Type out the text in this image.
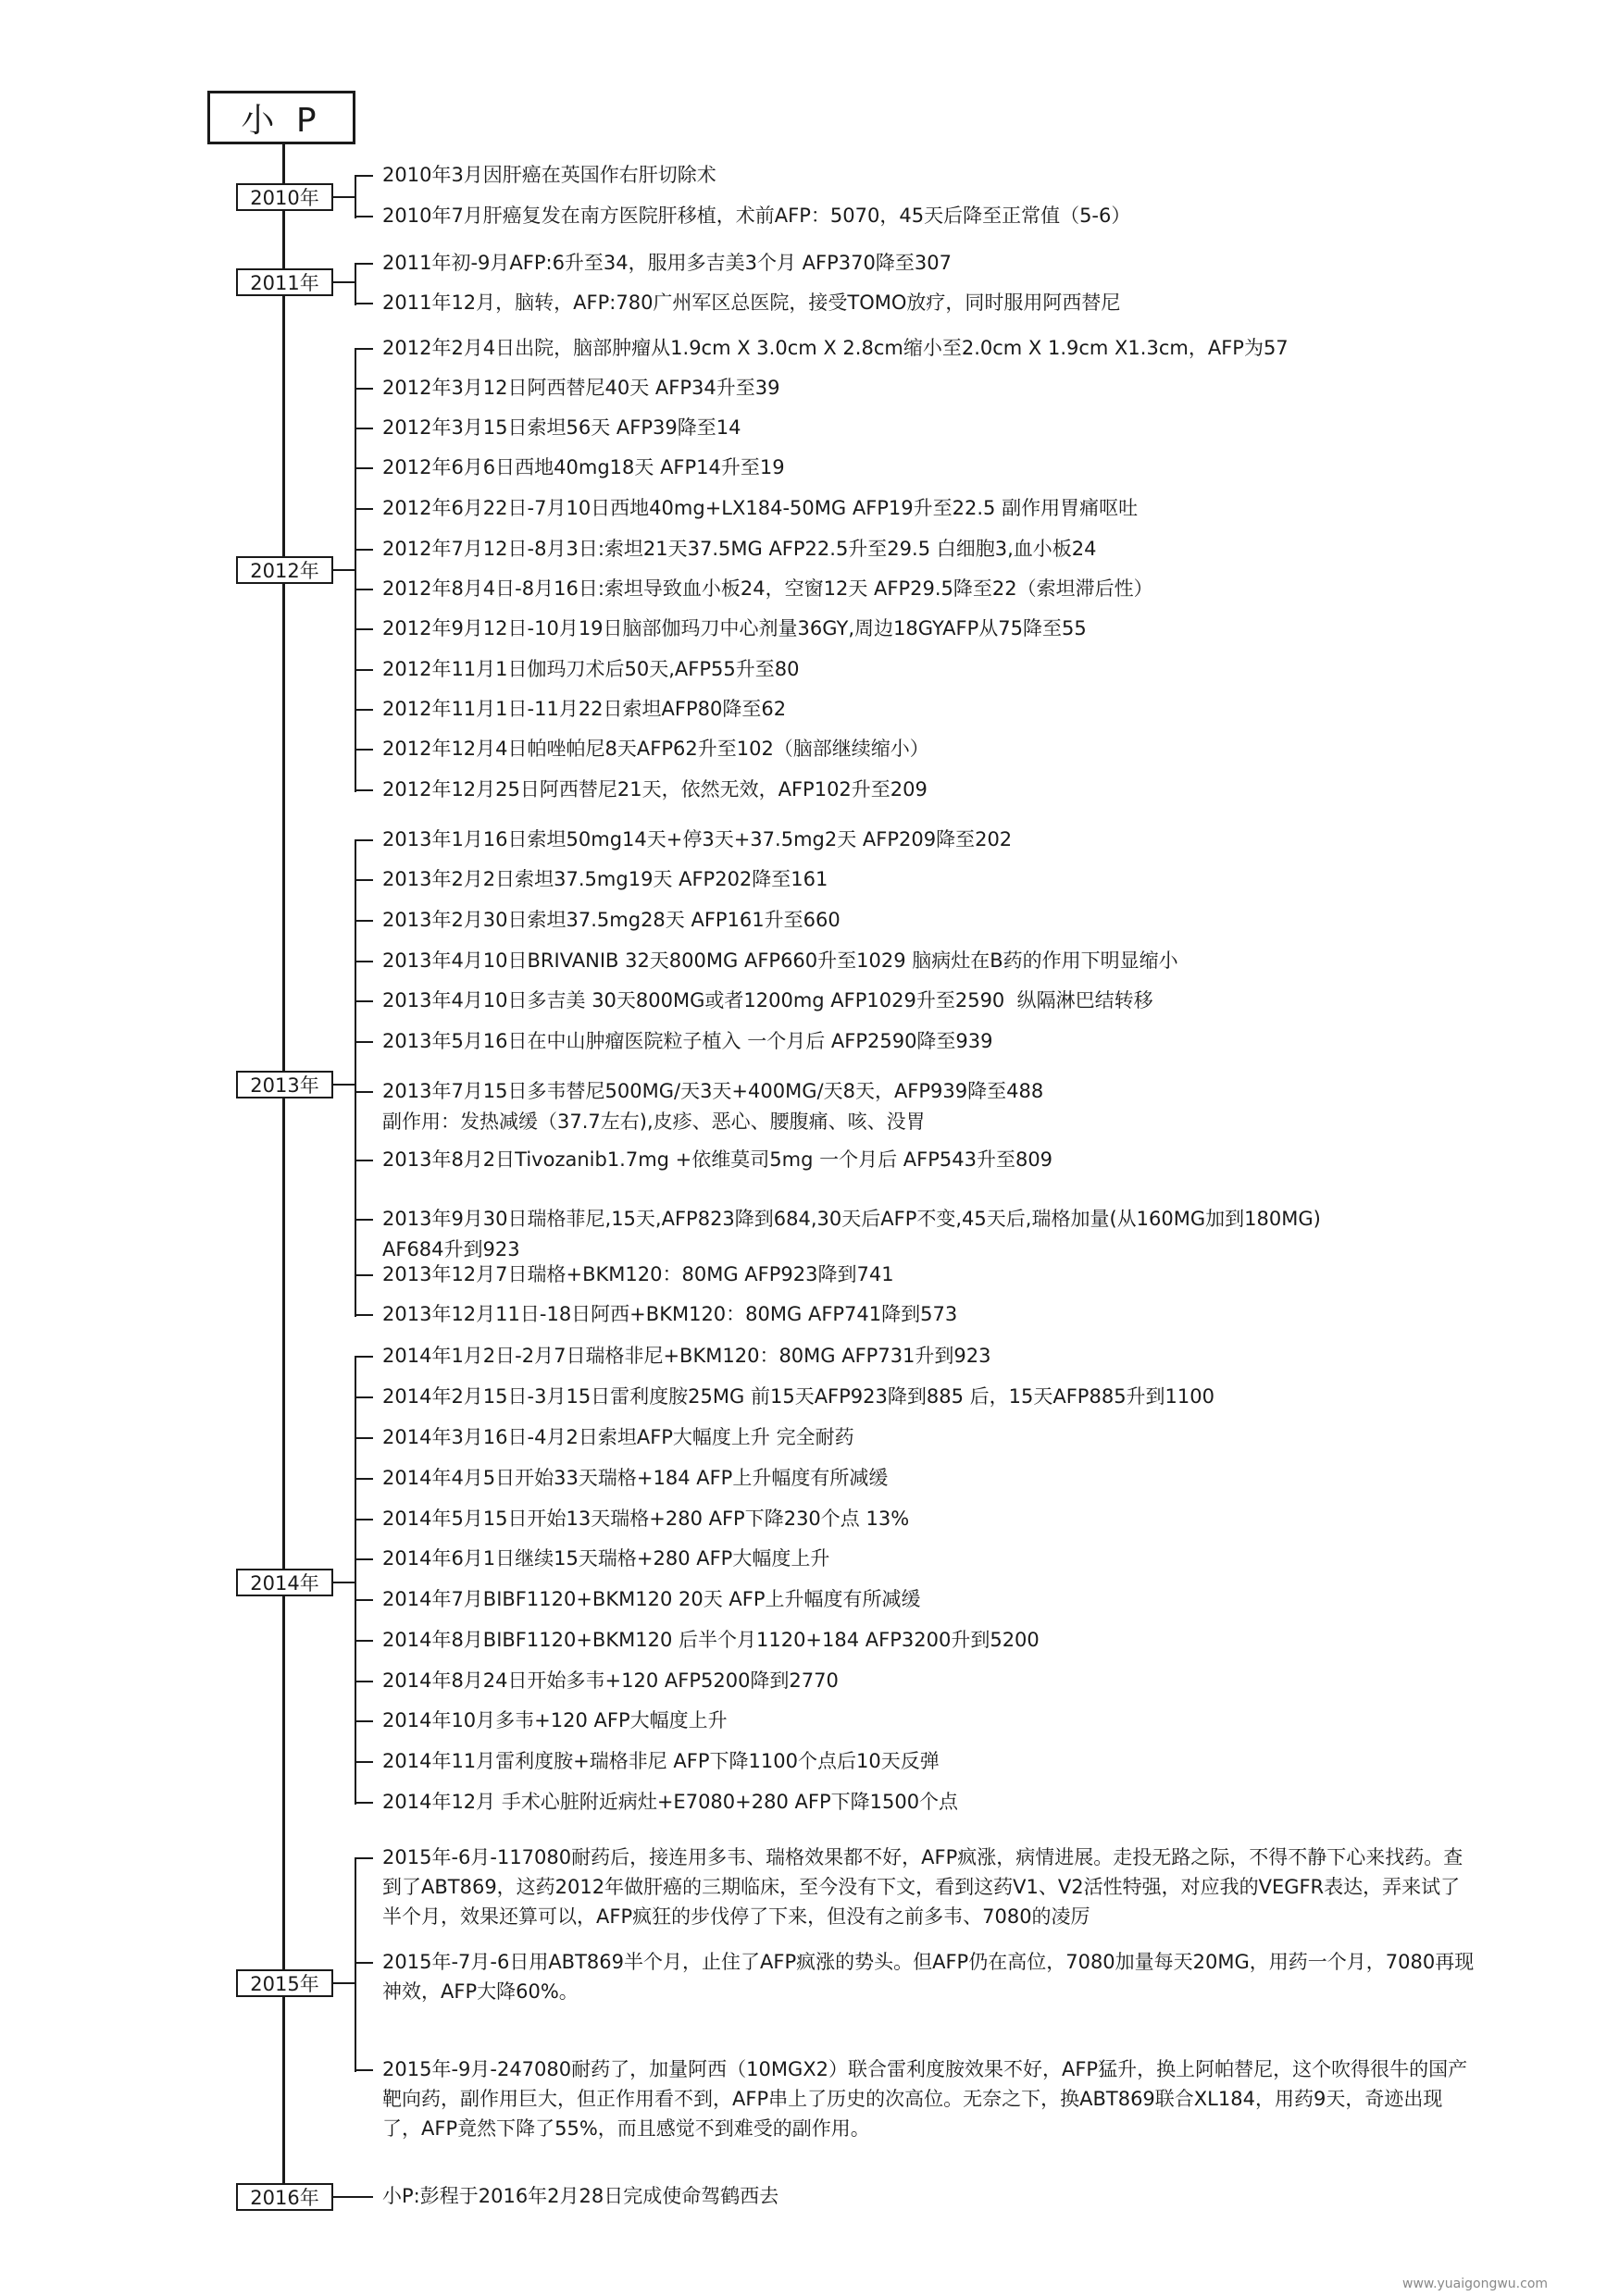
小 P
2010年
2010年3月因肝癌在英国作右肝切除术
2010年7月肝癌复发在南方医院肝移植，术前AFP：5070，45天后降至正常值（5-6）
2011年
2011年初-9月AFP:6升至34，服用多吉美3个月 AFP370降至307
2011年12月，脑转，AFP:780广州军区总医院，接受TOMO放疗，同时服用阿西替尼
2012年
2012年2月4日出院，脑部肿瘤从1.9cm X 3.0cm X 2.8cm缩小至2.0cm X 1.9cm X1.3cm，AFP为57
2012年3月12日阿西替尼40天 AFP34升至39
2012年3月15日索坦56天 AFP39降至14
2012年6月6日西地40mg18天 AFP14升至19
2012年6月22日-7月10日西地40mg+LX184-50MG AFP19升至22.5 副作用胃痛呕吐
2012年7月12日-8月3日:索坦21天37.5MG AFP22.5升至29.5 白细胞3,血小板24
2012年8月4日-8月16日:索坦导致血小板24，空窗12天 AFP29.5降至22（索坦滞后性）
2012年9月12日-10月19日脑部伽玛刀中心剂量36GY,周边18GYAFP从75降至55
2012年11月1日伽玛刀术后50天,AFP55升至80
2012年11月1日-11月22日索坦AFP80降至62
2012年12月4日帕唑帕尼8天AFP62升至102（脑部继续缩小）
2012年12月25日阿西替尼21天，依然无效，AFP102升至209
2013年
2013年1月16日索坦50mg14天+停3天+37.5mg2天 AFP209降至202
2013年2月2日索坦37.5mg19天 AFP202降至161
2013年2月30日索坦37.5mg28天 AFP161升至660
2013年4月10日BRIVANIB 32天800MG AFP660升至1029 脑病灶在B药的作用下明显缩小
2013年4月10日多吉美 30天800MG或者1200mg AFP1029升至2590  纵隔淋巴结转移
2013年5月16日在中山肿瘤医院粒子植入 一个月后 AFP2590降至939
2013年7月15日多韦替尼500MG/天3天+400MG/天8天，AFP939降至488
副作用：发热减缓（37.7左右),皮疹、恶心、腰腹痛、咳、没胃
2013年8月2日Tivozanib1.7mg +依维莫司5mg 一个月后 AFP543升至809
2013年9月30日瑞格菲尼,15天,AFP823降到684,30天后AFP不变,45天后,瑞格加量(从160MG加到180MG)
AF684升到923
2013年12月7日瑞格+BKM120：80MG AFP923降到741
2013年12月11日-18日阿西+BKM120：80MG AFP741降到573
2014年
2014年1月2日-2月7日瑞格非尼+BKM120：80MG AFP731升到923
2014年2月15日-3月15日雷利度胺25MG 前15天AFP923降到885 后，15天AFP885升到1100
2014年3月16日-4月2日索坦AFP大幅度上升 完全耐药
2014年4月5日开始33天瑞格+184 AFP上升幅度有所减缓
2014年5月15日开始13天瑞格+280 AFP下降230个点 13%
2014年6月1日继续15天瑞格+280 AFP大幅度上升
2014年7月BIBF1120+BKM120 20天 AFP上升幅度有所减缓
2014年8月BIBF1120+BKM120 后半个月1120+184 AFP3200升到5200
2014年8月24日开始多韦+120 AFP5200降到2770
2014年10月多韦+120 AFP大幅度上升
2014年11月雷利度胺+瑞格非尼 AFP下降1100个点后10天反弹
2014年12月 手术心脏附近病灶+E7080+280 AFP下降1500个点
2015年
2015年-6月-117080耐药后，接连用多韦、瑞格效果都不好，AFP疯涨，病情进展。走投无路之际，不得不静下心来找药。查到了ABT869，这药2012年做肝癌的三期临床，至今没有下文，看到这药V1、V2活性特强，对应我的VEGFR表达，弄来试了半个月，效果还算可以，AFP疯狂的步伐停了下来，但没有之前多韦、7080的凌厉
2015年-7月-6日用ABT869半个月，止住了AFP疯涨的势头。但AFP仍在高位，7080加量每天20MG，用药一个月，7080再现神效，AFP大降60%。
2015年-9月-247080耐药了，加量阿西（10MGX2）联合雷利度胺效果不好，AFP猛升，换上阿帕替尼，这个吹得很牛的国产靶向药，副作用巨大，但正作用看不到，AFP串上了历史的次高位。无奈之下，换ABT869联合XL184，用药9天，奇迹出现了，AFP竟然下降了55%，而且感觉不到难受的副作用。
2016年	小P:彭程于2016年2月28日完成使命驾鹤西去
www.yuaigongwu.com
